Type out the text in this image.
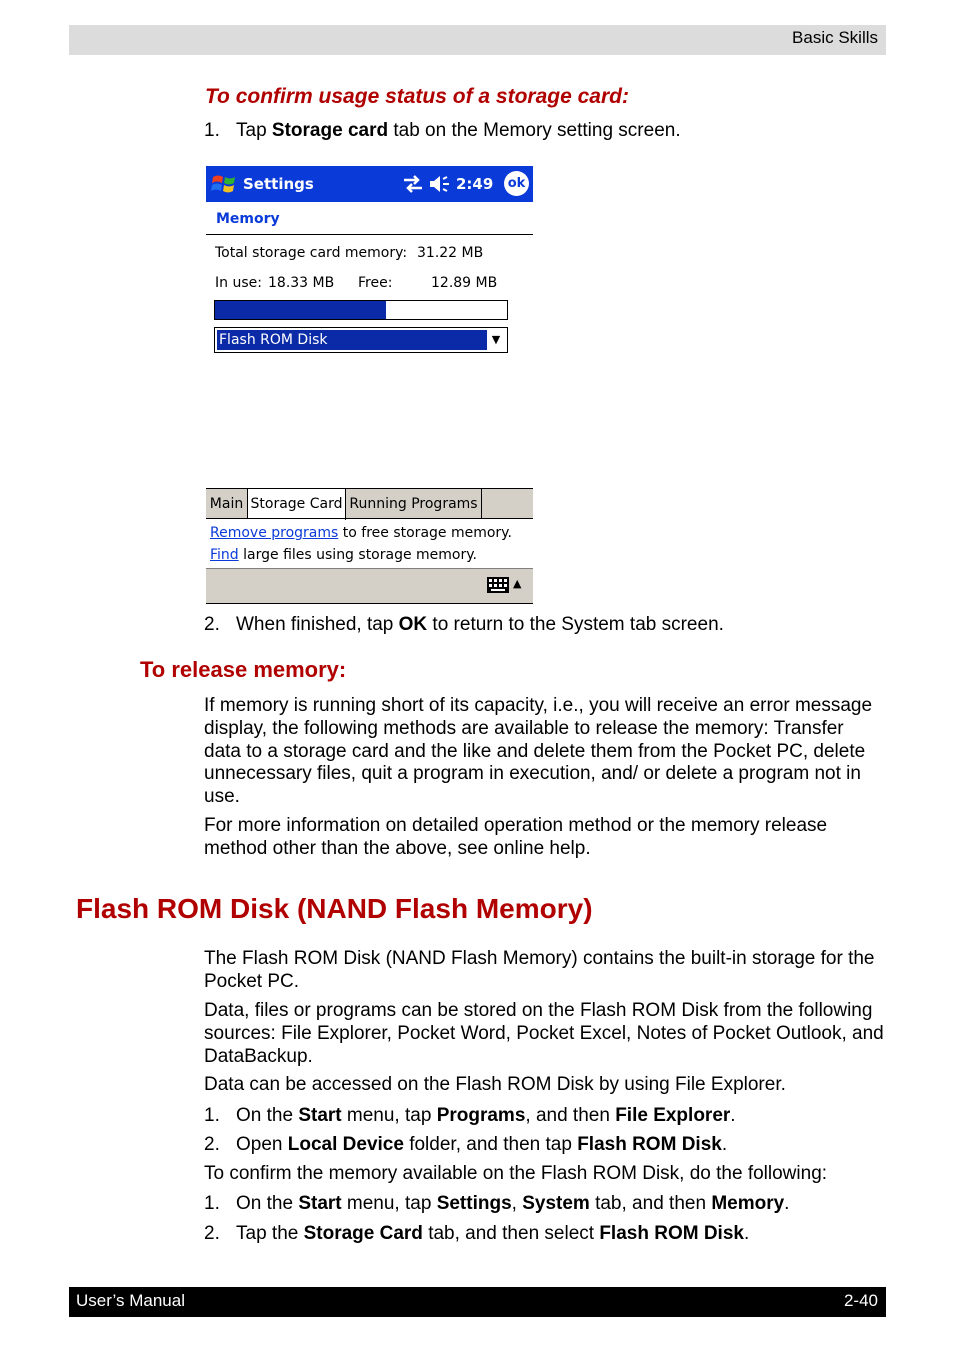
Basic Skills
To confirm usage status of a storage card:
1. Tap Storage card tab on the Memory setting screen.
Settings	2:49 ok
Memory
Total storage card memory: 31.22 MB
In use: 18.33 MB Free:	12.89 MB
Flash ROM Disk	▼
Main Storage Card Running Programs
Remove programs to free storage memory.
Find large files using storage memory.
▲
2. When finished, tap OK to return to the System tab screen.
To release memory:

If memory is running short of its capacity, i.e., you will receive an error message display, the following methods are available to release the memory: Transfer data to a storage card and the like and delete them from the Pocket PC, delete unnecessary files, quit a program in execution, and/ or delete a program not in use.

For more information on detailed operation method or the memory release method other than the above, see online help.

Flash ROM Disk (NAND Flash Memory)

The Flash ROM Disk (NAND Flash Memory) contains the built-in storage for the Pocket PC.

Data, files or programs can be stored on the Flash ROM Disk from the following sources: File Explorer, Pocket Word, Pocket Excel, Notes of Pocket Outlook, and DataBackup.

Data can be accessed on the Flash ROM Disk by using File Explorer.

1. On the Start menu, tap Programs, and then File Explorer.
2. Open Local Device folder, and then tap Flash ROM Disk.

To confirm the memory available on the Flash ROM Disk, do the following:

1. On the Start menu, tap Settings, System tab, and then Memory.
2. Tap the Storage Card tab, and then select Flash ROM Disk.
User’s Manual	2-40
